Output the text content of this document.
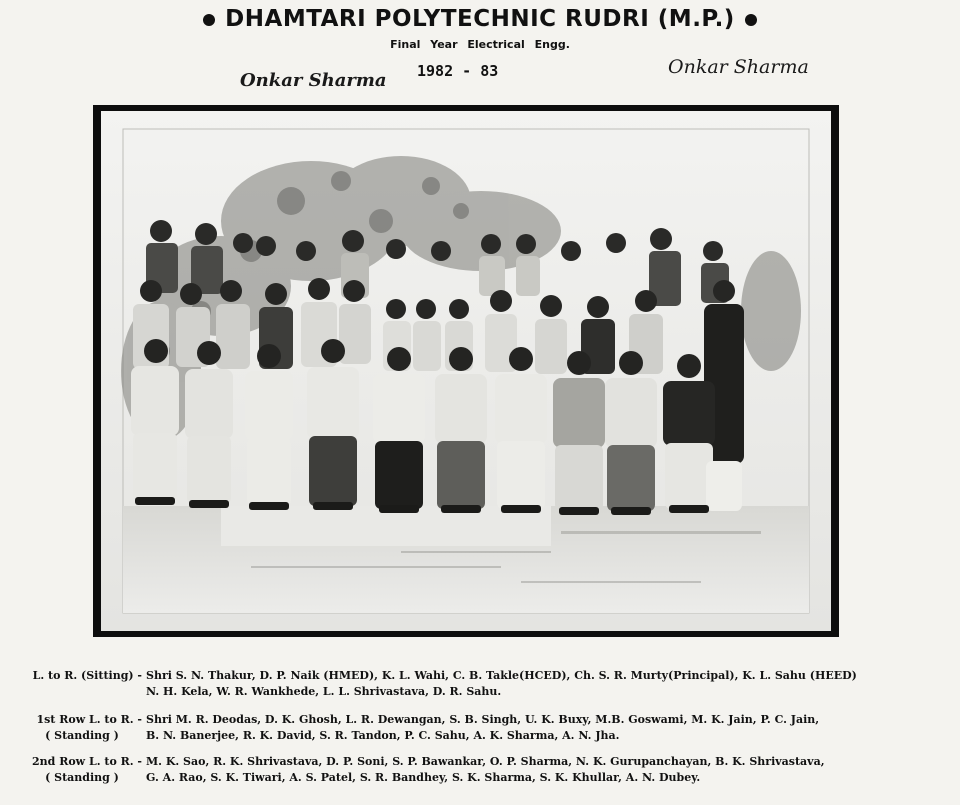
DHAMTARI POLYTECHNIC RUDRI (M.P.)
Final Year Electrical Engg.
Onkar Sharma 1982 - 83	Onkar Sharma
L. to R. (Sitting) - Shri S. N. Thakur, D. P. Naik (HMED), K. L. Wahi, C. B. Takle(HCED), Ch. S. R. Murty(Principal), K. L. Sahu (HEED)
N. H. Kela, W. R. Wankhede, L. L. Shrivastava, D. R. Sahu.
1st Row L. to R. -
( Standing )
Shri M. R. Deodas, D. K. Ghosh, L. R. Dewangan, S. B. Singh, U. K. Buxy, M.B. Goswami, M. K. Jain, P. C. Jain,
B. N. Banerjee, R. K. David, S. R. Tandon, P. C. Sahu, A. K. Sharma, A. N. Jha.
2nd Row L. to R. -
( Standing )
M. K. Sao, R. K. Shrivastava, D. P. Soni, S. P. Bawankar, O. P. Sharma, N. K. Gurupanchayan, B. K. Shrivastava,
G. A. Rao, S. K. Tiwari, A. S. Patel, S. R. Bandhey, S. K. Sharma, S. K. Khullar, A. N. Dubey.
